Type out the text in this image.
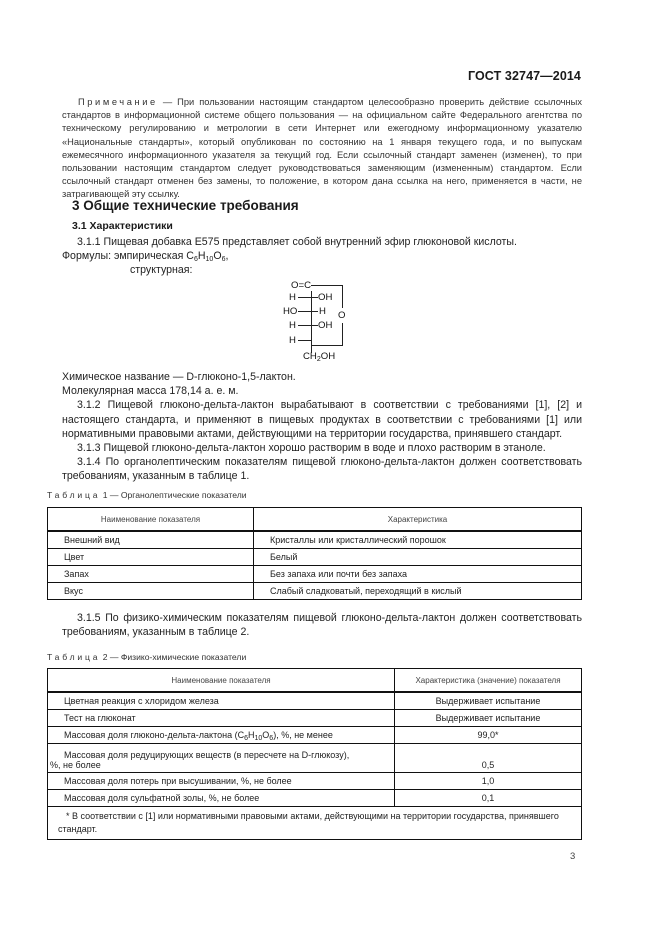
ГОСТ 32747—2014

Примечание — При пользовании настоящим стандартом целесообразно проверить действие ссылочных стандартов в информационной системе общего пользования — на официальном сайте Федерального агентства по техническому регулированию и метрологии в сети Интернет или ежегодному информационному указателю «Национальные стандарты», который опубликован по состоянию на 1 января текущего года, и по выпускам ежемесячного информационного указателя за текущий год. Если ссылочный стандарт заменен (изменен), то при пользовании настоящим стандартом следует руководствоваться заменяющим (измененным) стандартом. Если ссылочный стандарт отменен без замены, то положение, в котором дана ссылка на него, применяется в части, не затрагивающей эту ссылку.

3 Общие технические требования
3.1 Характеристики

3.1.1 Пищевая добавка Е575 представляет собой внутренний эфир глюконовой кислоты.

Формулы: эмпирическая $C_6H_{10}O_6$,

структурная:

O=C
H OH
HO H O
H OH
H
$CH_2OH$

Химическое название — D-глюконо-1,5-лактон.

Молекулярная масса 178,14 а. е. м.

3.1.2 Пищевой глюконо-дельта-лактон вырабатывают в соответствии с требованиями [1], [2] и настоящего стандарта, и применяют в пищевых продуктах в соответствии с требованиями [1] или нормативными правовыми актами, действующими на территории государства, принявшего стандарт.

3.1.3 Пищевой глюконо-дельта-лактон хорошо растворим в воде и плохо растворим в этаноле.

3.1.4 По органолептическим показателям пищевой глюконо-дельта-лактон должен соответствовать требованиям, указанным в таблице 1.

Таблица 1 — Органолептические показатели
Наименование показателя	Характеристика
Внешний вид	Кристаллы или кристаллический порошок
Цвет	Белый
Запах	Без запаха или почти без запаха
Вкус	Слабый сладковатый, переходящий в кислый

3.1.5 По физико-химическим показателям пищевой глюконо-дельта-лактон должен соответствовать требованиям, указанным в таблице 2.

Таблица 2 — Физико-химические показатели
Наименование показателя	Характеристика (значение) показателя
Цветная реакция с хлоридом железа	Выдерживает испытание
Тест на глюконат	Выдерживает испытание
Массовая доля глюконо-дельта-лактона $(C_6H_{10}O_6)$, %, не менее	99,0*

Массовая доля редуцирующих веществ (в пересчете на D-глюкозу),
%, не более	0,5
Массовая доля потерь при высушивании, %, не более	1,0
Массовая доля сульфатной золы, %, не более	0,1

* В соответствии с [1] или нормативными правовыми актами, действующими на территории государства, принявшего стандарт.	
3
